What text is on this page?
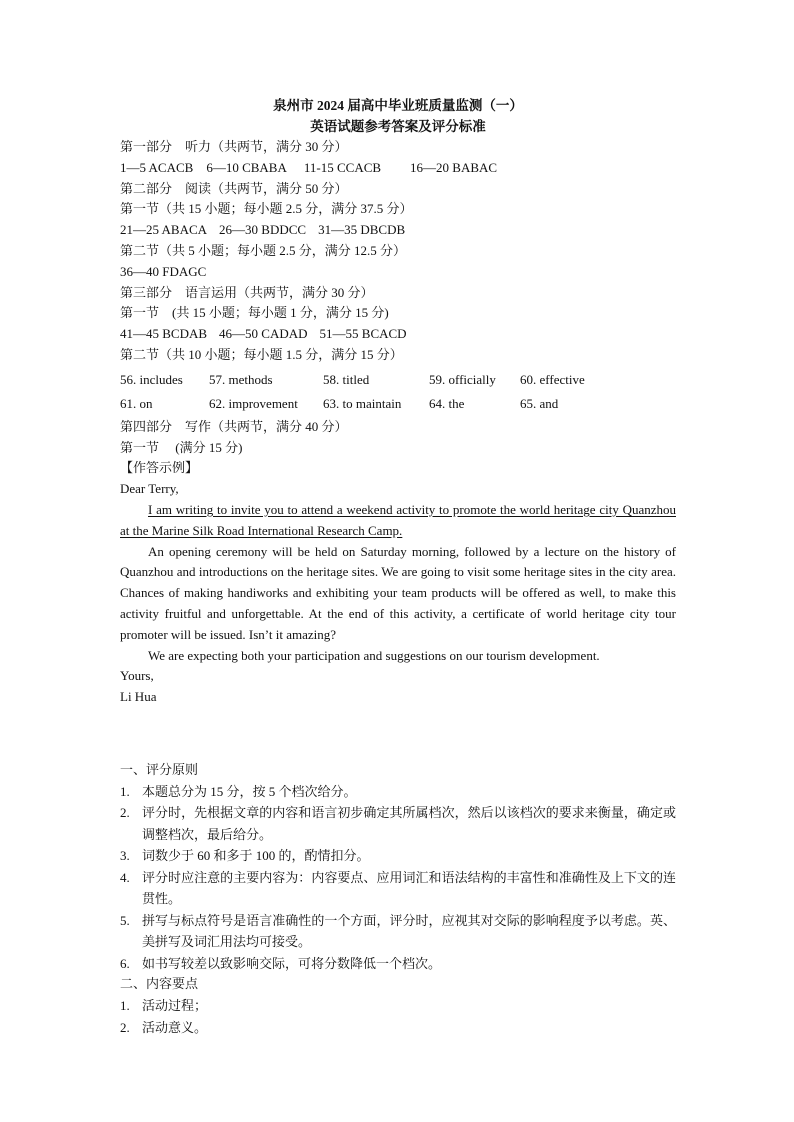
泉州市 2024 届高中毕业班质量监测（一）
英语试题参考答案及评分标准
第一部分　听力（共两节，满分 30 分）
1—5 ACACB 6—10 CBABA 11-15 CCACB 16—20 BABAC
第二部分　阅读（共两节，满分 50 分）
第一节（共 15 小题；每小题 2.5 分，满分 37.5 分）
21—25 ABACA 26—30 BDDCC 31—35 DBCDB
第二节（共 5 小题；每小题 2.5 分，满分 12.5 分）
36—40 FDAGC
第三部分　语言运用（共两节，满分 30 分）
第一节　(共 15 小题；每小题 1 分，满分 15 分)
41—45 BCDAB 46—50 CADAD 51—55 BCACD
第二节（共 10 小题；每小题 1.5 分，满分 15 分）
56. includes	57. methods	58. titled	59. officially	60. effective
61. on	62. improvement	63. to maintain	64. the	65. and
第四部分　写作（共两节，满分 40 分）
第一节　 (满分 15 分)
【作答示例】
Dear Terry,
I am writing to invite you to attend a weekend activity to promote the world heritage city Quanzhou at the Marine Silk Road International Research Camp.
An opening ceremony will be held on Saturday morning, followed by a lecture on the history of Quanzhou and introductions on the heritage sites. We are going to visit some heritage sites in the city area. Chances of making handiworks and exhibiting your team products will be offered as well, to make this activity fruitful and unforgettable. At the end of this activity, a certificate of world heritage city tour promoter will be issued. Isn’t it amazing?
We are expecting both your participation and suggestions on our tourism development.
Yours,
Li Hua
一、评分原则
1. 本题总分为 15 分，按 5 个档次给分。
2. 评分时，先根据文章的内容和语言初步确定其所属档次，然后以该档次的要求来衡量，确定或调整档次，最后给分。
3. 词数少于 60 和多于 100 的，酌情扣分。
4. 评分时应注意的主要内容为：内容要点、应用词汇和语法结构的丰富性和准确性及上下文的连贯性。
5. 拼写与标点符号是语言准确性的一个方面，评分时，应视其对交际的影响程度予以考虑。英、美拼写及词汇用法均可接受。
6. 如书写较差以致影响交际，可将分数降低一个档次。
二、内容要点
1. 活动过程；
2. 活动意义。
